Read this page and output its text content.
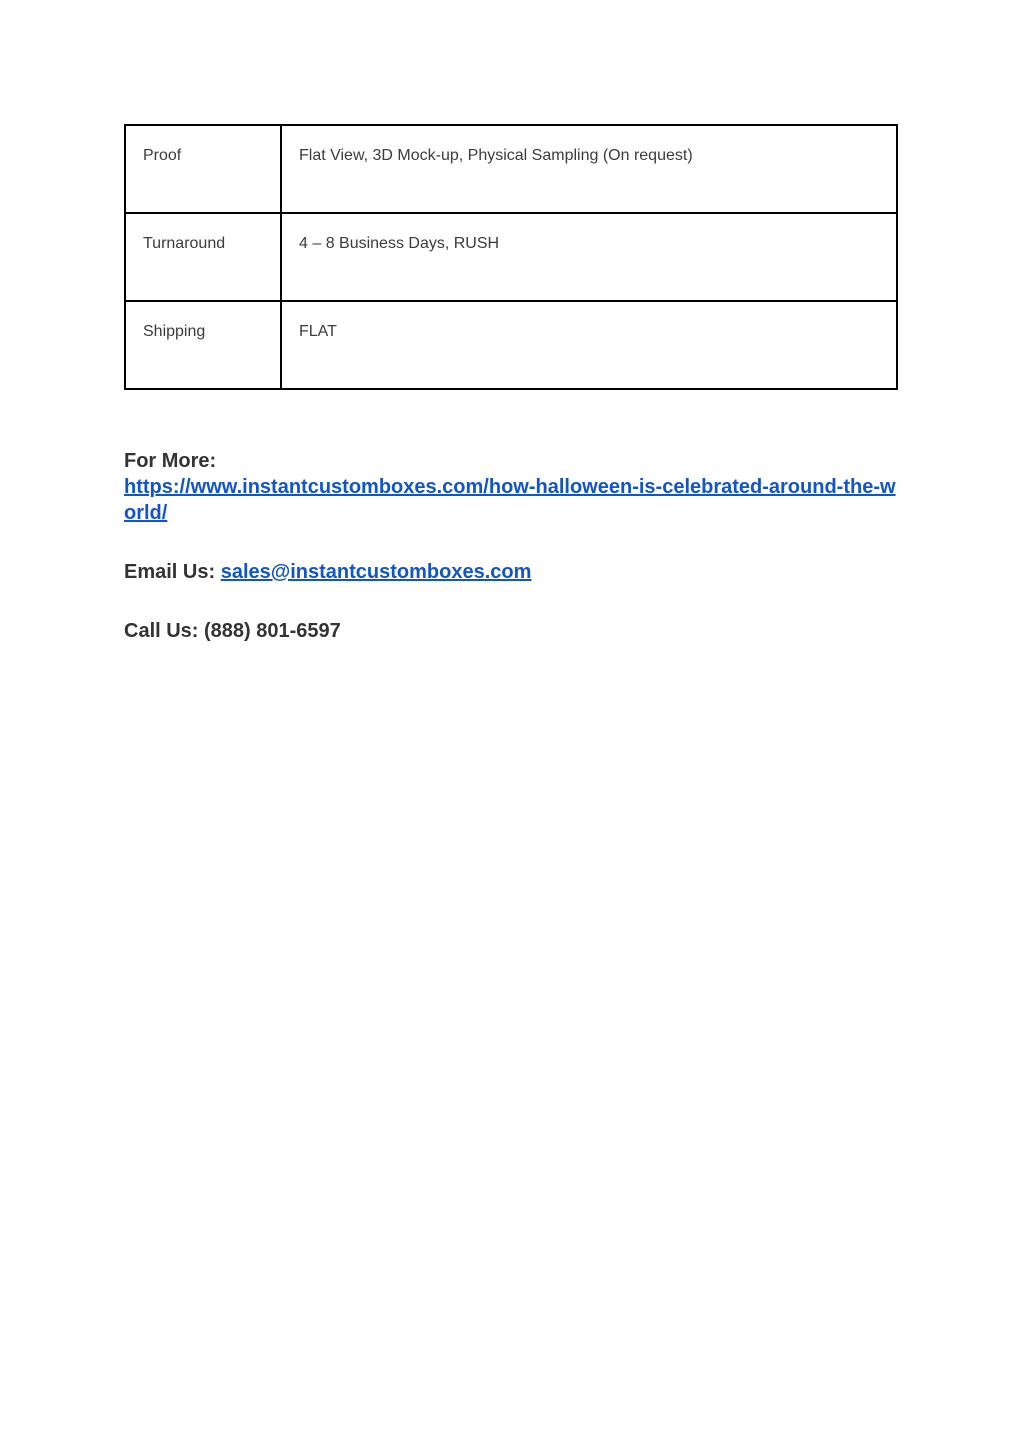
Proof	Flat View, 3D Mock-up, Physical Sampling (On request)
Turnaround	4 – 8 Business Days, RUSH
Shipping	FLAT

For More:
https://www.instantcustomboxes.com/how-halloween-is-celebrated-around-the-world/

Email Us: sales@instantcustomboxes.com

Call Us: (888) 801-6597
